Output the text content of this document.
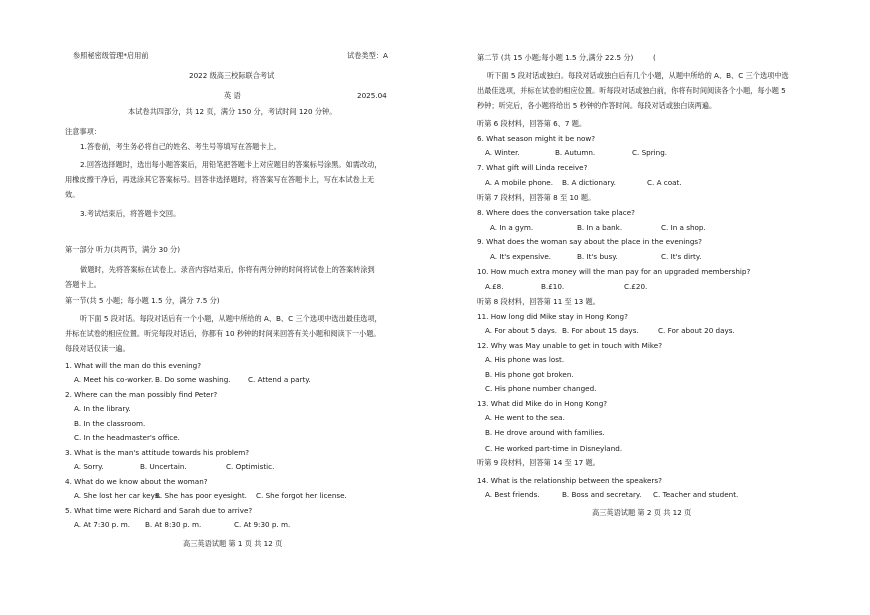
参照秘密级管理*启用前	试卷类型：A
2022 级高三校际联合考试
英 语	2025.04
本试卷共四部分，共 12 页，满分 150 分，考试时间 120 分钟。
注意事项：
1.答卷前，考生务必将自己的姓名、考生号等填写在答题卡上。
2.回答选择题时，选出每小题答案后，用铅笔把答题卡上对应题目的答案标号涂黑。如需改动，
用橡皮擦干净后，再选涂其它答案标号。回答非选择题时，将答案写在答题卡上，写在本试卷上无
效。
3.考试结束后，将答题卡交回。
第一部分 听力(共两节，满分 30 分)
做题时，先将答案标在试卷上。录音内容结束后，你将有两分钟的时间将试卷上的答案转涂到
答题卡上。
第一节(共 5 小题；每小题 1.5 分，满分 7.5 分)
听下面 5 段对话。每段对话后有一个小题，从题中所给的 A、B、C 三个选项中选出最佳选项，
并标在试卷的相应位置。听完每段对话后，你都有 10 秒钟的时间来回答有关小题和阅读下一小题。
每段对话仅读一遍。
1. What will the man do this evening?
A. Meet his co-worker. B. Do some washing. C. Attend a party.
2. Where can the man possibly find Peter?
A. In the library.
B. In the classroom.
C. In the headmaster's office.
3. What is the man's attitude towards his problem?
A. Sorry.	B. Uncertain.	C. Optimistic.
4. What do we know about the woman?
A. She lost her car keys.
B. She has poor eyesight. C. She forgot her license.
5. What time were Richard and Sarah due to arrive?
A. At 7:30 p. m. B. At 8:30 p. m.	C. At 9:30 p. m.
高三英语试题 第 1 页 共 12 页
第二节 (共 15 小题;每小题 1.5 分,满分 22.5 分)	(
听下面 5 段对话或独白。每段对话或独白后有几个小题，从题中所给的 A、B、C 三个选项中选
出最佳选项，并标在试卷的相应位置。听每段对话或独白前，你将有时间阅读各个小题，每小题 5
秒钟；听完后，各小题将给出 5 秒钟的作答时间。每段对话或独白读两遍。
听第 6 段材料，回答第 6、7 题。
6. What season might it be now?
A. Winter.	B. Autumn.	C. Spring.
7. What gift will Linda receive?
A. A mobile phone. B. A dictionary.	C. A coat.
听第 7 段材料，回答第 8 至 10 题。
8. Where does the conversation take place?
A. In a gym.	B. In a bank.	C. In a shop.
9. What does the woman say about the place in the evenings?
A. It's expensive.	B. It's busy.	C. It's dirty.
10. How much extra money will the man pay for an upgraded membership?
A.£8.	B.£10.	C.£20.
听第 8 段材料，回答第 11 至 13 题。
11. How long did Mike stay in Hong Kong?
A. For about 5 days. B. For about 15 days.	C. For about 20 days.
12. Why was May unable to get in touch with Mike?
A. His phone was lost.
B. His phone got broken.
C. His phone number changed.
13. What did Mike do in Hong Kong?
A. He went to the sea.
B. He drove around with families.
C. He worked part-time in Disneyland.
听第 9 段材料，回答第 14 至 17 题。
14. What is the relationship between the speakers?
A. Best friends.	B. Boss and secretary. C. Teacher and student.
高三英语试题 第 2 页 共 12 页
